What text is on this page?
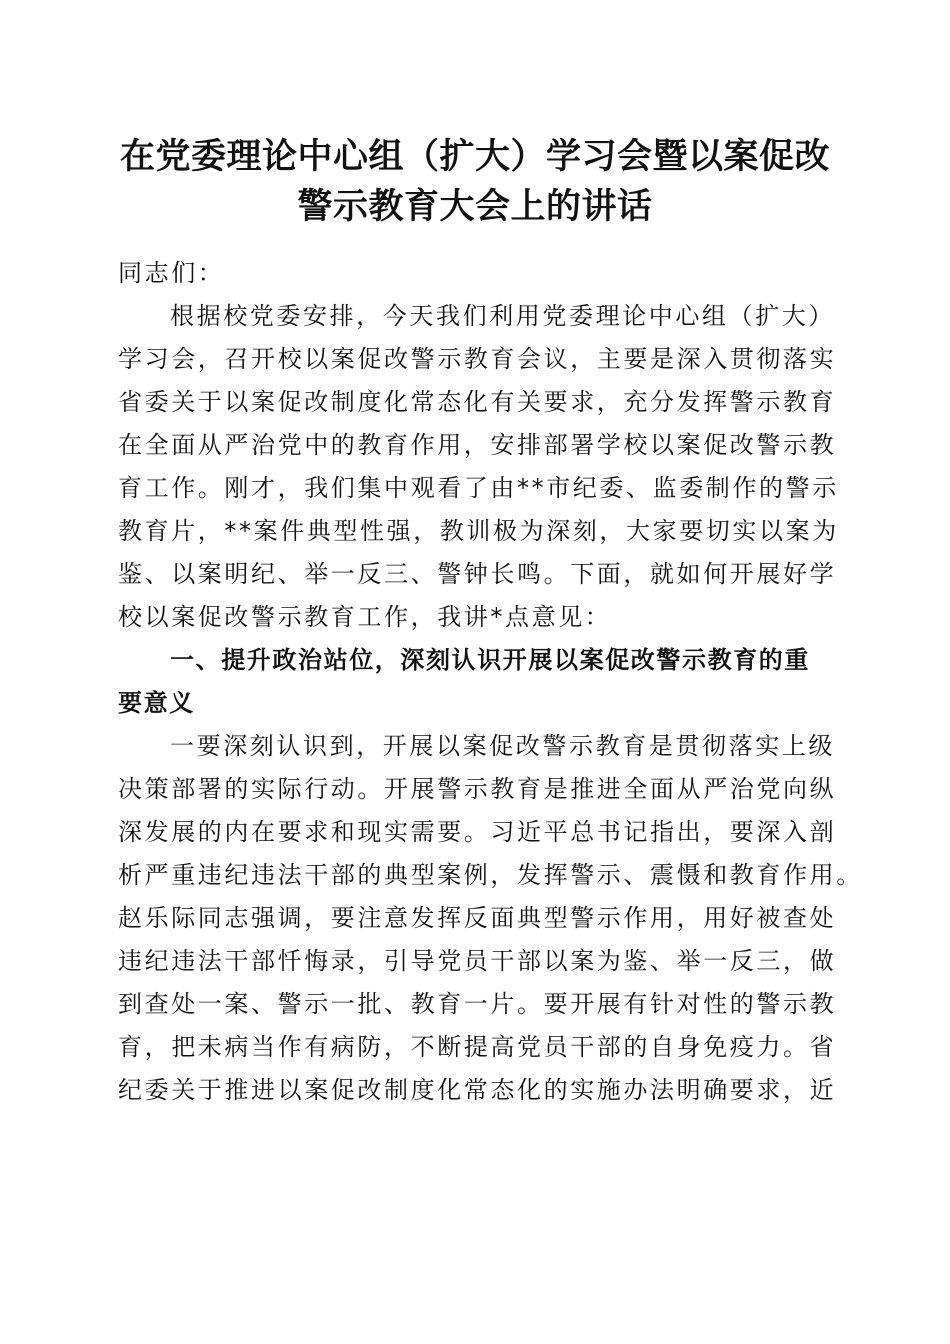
在党委理论中心组（扩大）学习会暨以案促改
警示教育大会上的讲话
同志们：
根据校党委安排，今天我们利用党委理论中心组（扩大）
学习会，召开校以案促改警示教育会议，主要是深入贯彻落实
省委关于以案促改制度化常态化有关要求，充分发挥警示教育
在全面从严治党中的教育作用，安排部署学校以案促改警示教
育工作。刚才，我们集中观看了由**市纪委、监委制作的警示
教育片，**案件典型性强，教训极为深刻，大家要切实以案为
鉴、以案明纪、举一反三、警钟长鸣。下面，就如何开展好学
校以案促改警示教育工作，我讲*点意见：
一、提升政治站位，深刻认识开展以案促改警示教育的重
要意义
一要深刻认识到，开展以案促改警示教育是贯彻落实上级
决策部署的实际行动。开展警示教育是推进全面从严治党向纵
深发展的内在要求和现实需要。习近平总书记指出，要深入剖
析严重违纪违法干部的典型案例，发挥警示、震慑和教育作用。
赵乐际同志强调，要注意发挥反面典型警示作用，用好被查处
违纪违法干部忏悔录，引导党员干部以案为鉴、举一反三，做
到查处一案、警示一批、教育一片。要开展有针对性的警示教
育，把未病当作有病防，不断提高党员干部的自身免疫力。省
纪委关于推进以案促改制度化常态化的实施办法明确要求，近
